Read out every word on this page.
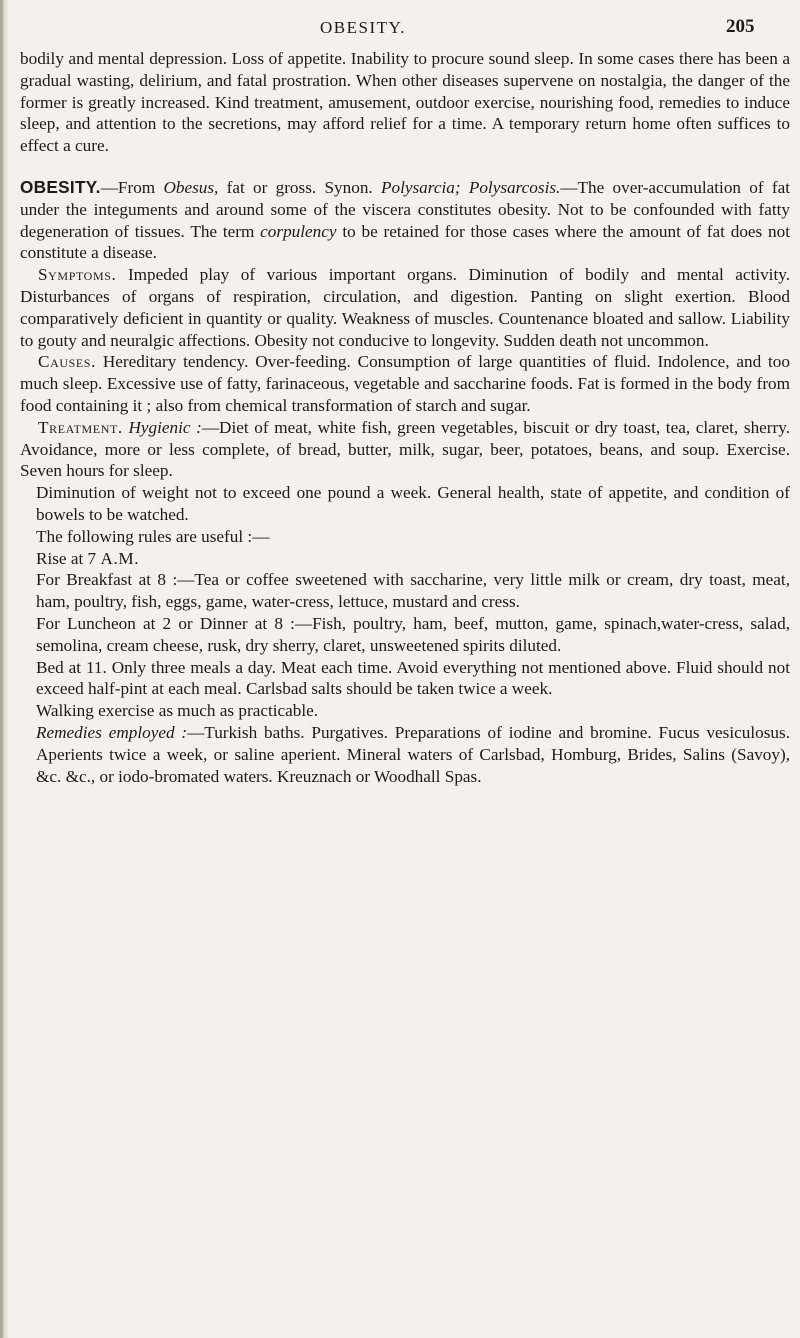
OBESITY.	205

bodily and mental depression. Loss of appetite. Inability to procure sound sleep. In some cases there has been a gradual wasting, delirium, and fatal prostration. When other diseases supervene on nostalgia, the danger of the former is greatly increased. Kind treatment, amusement, outdoor exercise, nourishing food, remedies to induce sleep, and attention to the secretions, may afford relief for a time. A temporary return home often suffices to effect a cure.

OBESITY.—From Obesus, fat or gross. Synon. Polysarcia; Polysarcosis.—The over-accumulation of fat under the integuments and around some of the viscera constitutes obesity. Not to be confounded with fatty degeneration of tissues. The term corpulency to be retained for those cases where the amount of fat does not constitute a disease.

Symptoms. Impeded play of various important organs. Diminution of bodily and mental activity. Disturbances of organs of respiration, circulation, and digestion. Panting on slight exertion. Blood comparatively deficient in quantity or quality. Weakness of muscles. Countenance bloated and sallow. Liability to gouty and neuralgic affections. Obesity not conducive to longevity. Sudden death not uncommon.

Causes. Hereditary tendency. Over-feeding. Consumption of large quantities of fluid. Indolence, and too much sleep. Excessive use of fatty, farinaceous, vegetable and saccharine foods. Fat is formed in the body from food containing it ; also from chemical transformation of starch and sugar.

Treatment. Hygienic :—Diet of meat, white fish, green vegetables, biscuit or dry toast, tea, claret, sherry. Avoidance, more or less complete, of bread, butter, milk, sugar, beer, potatoes, beans, and soup. Exercise. Seven hours for sleep.

Diminution of weight not to exceed one pound a week. General health, state of appetite, and condition of bowels to be watched.

The following rules are useful :—

Rise at 7 A.M.

For Breakfast at 8 :—Tea or coffee sweetened with saccharine, very little milk or cream, dry toast, meat, ham, poultry, fish, eggs, game, water-cress, lettuce, mustard and cress.

For Luncheon at 2 or Dinner at 8 :—Fish, poultry, ham, beef, mutton, game, spinach,water-cress, salad, semolina, cream cheese, rusk, dry sherry, claret, unsweetened spirits diluted.

Bed at 11. Only three meals a day. Meat each time. Avoid everything not mentioned above. Fluid should not exceed half-pint at each meal. Carlsbad salts should be taken twice a week.

Walking exercise as much as practicable.

Remedies employed :—Turkish baths. Purgatives. Preparations of iodine and bromine. Fucus vesiculosus. Aperients twice a week, or saline aperient. Mineral waters of Carlsbad, Homburg, Brides, Salins (Savoy), &c. &c., or iodo-bromated waters. Kreuznach or Woodhall Spas.
